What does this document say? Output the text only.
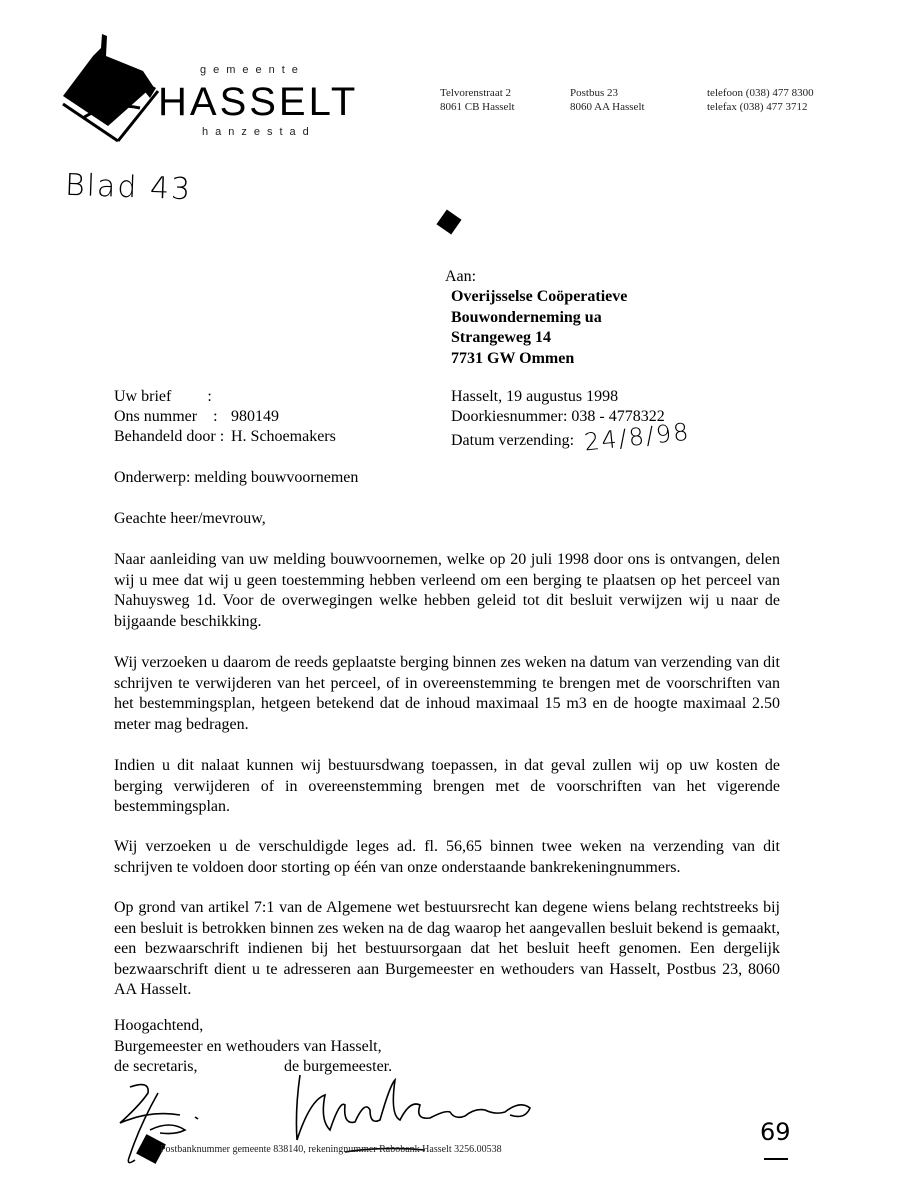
gemeente
HASSELT
hanzestad
Telvorenstraat 2
8061 CB Hasselt
Postbus 23
8060 AA Hasselt
telefoon (038) 477 8300
telefax (038) 477 3712
Blad 43
Aan:
Overijsselse Coöperatieve
Bouwonderneming ua
Strangeweg 14
7731 GW Ommen
Uw brief         :
Ons nummer    : 980149
Behandeld door : H. Schoemakers
Hasselt, 19 augustus 1998
Doorkiesnummer: 038 - 4778322
Datum verzending: 24/8/98
Onderwerp: melding bouwvoornemen
Geachte heer/mevrouw,
Naar aanleiding van uw melding bouwvoornemen, welke op 20 juli 1998 door ons is ontvangen, delen wij u mee dat wij u geen toestemming hebben verleend om een berging te plaatsen op het perceel van Nahuysweg 1d. Voor de overwegingen welke hebben geleid tot dit besluit verwijzen wij u naar de bijgaande beschikking.
Wij verzoeken u daarom de reeds geplaatste berging binnen zes weken na datum van verzending van dit schrijven te verwijderen van het perceel, of in overeenstemming te brengen met de voorschriften van het bestemmingsplan, hetgeen betekend dat de inhoud maximaal 15 m3 en de hoogte maximaal 2.50 meter mag bedragen.
Indien u dit nalaat kunnen wij bestuursdwang toepassen, in dat geval zullen wij op uw kosten de berging verwijderen of in overeenstemming brengen met de voorschriften van het vigerende bestemmingsplan.
Wij verzoeken u de verschuldigde leges ad. fl. 56,65 binnen twee weken na verzending van dit schrijven te voldoen door storting op één van onze onderstaande bankrekeningnummers.
Op grond van artikel 7:1 van de Algemene wet bestuursrecht kan degene wiens belang rechtstreeks bij een besluit is betrokken binnen zes weken na de dag waarop het aangevallen besluit bekend is gemaakt, een bezwaarschrift indienen bij het bestuursorgaan dat het besluit heeft genomen. Een dergelijk bezwaarschrift dient u te adresseren aan Burgemeester en wethouders van Hasselt, Postbus 23, 8060 AA Hasselt.
Hoogachtend,
Burgemeester en wethouders van Hasselt,
de secretaris,	de burgemeester.
Postbanknummer gemeente 838140, rekeningnummer Rabobank Hasselt 3256.00538
69
